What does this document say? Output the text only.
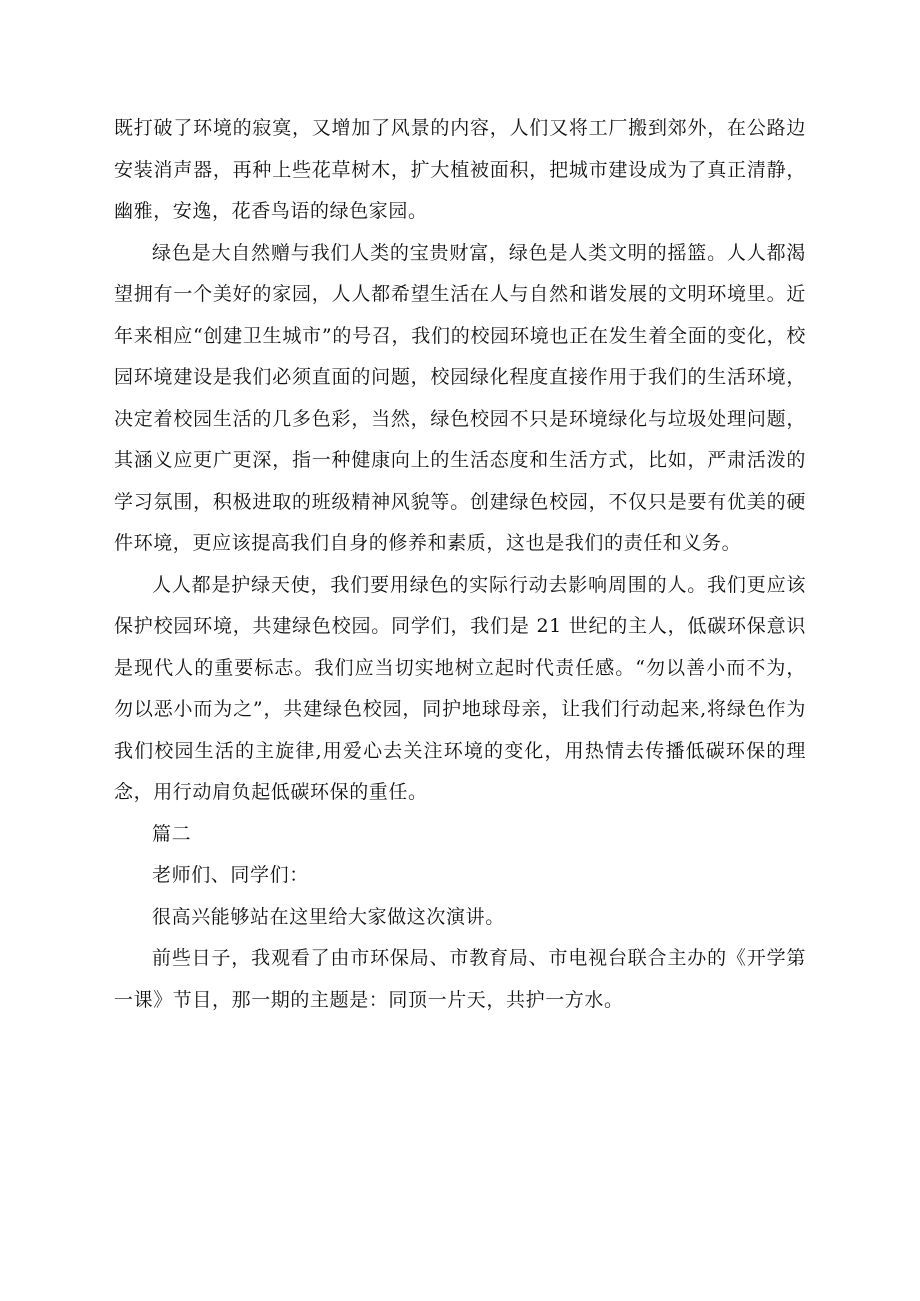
既打破了环境的寂寞，又增加了风景的内容，人们又将工厂搬到郊外，在公路边安装消声器，再种上些花草树木，扩大植被面积，把城市建设成为了真正清静，幽雅，安逸，花香鸟语的绿色家园。

绿色是大自然赠与我们人类的宝贵财富，绿色是人类文明的摇篮。人人都渴望拥有一个美好的家园，人人都希望生活在人与自然和谐发展的文明环境里。近年来相应“创建卫生城市”的号召，我们的校园环境也正在发生着全面的变化，校园环境建设是我们必须直面的问题，校园绿化程度直接作用于我们的生活环境，决定着校园生活的几多色彩，当然，绿色校园不只是环境绿化与垃圾处理问题，其涵义应更广更深，指一种健康向上的生活态度和生活方式，比如，严肃活泼的学习氛围，积极进取的班级精神风貌等。创建绿色校园，不仅只是要有优美的硬件环境，更应该提高我们自身的修养和素质，这也是我们的责任和义务。

人人都是护绿天使，我们要用绿色的实际行动去影响周围的人。我们更应该保护校园环境，共建绿色校园。同学们，我们是 21 世纪的主人，低碳环保意识是现代人的重要标志。我们应当切实地树立起时代责任感。“勿以善小而不为，勿以恶小而为之”，共建绿色校园，同护地球母亲，让我们行动起来,将绿色作为我们校园生活的主旋律,用爱心去关注环境的变化，用热情去传播低碳环保的理念，用行动肩负起低碳环保的重任。

篇二

老师们、同学们：

很高兴能够站在这里给大家做这次演讲。

前些日子，我观看了由市环保局、市教育局、市电视台联合主办的《开学第一课》节目，那一期的主题是：同顶一片天，共护一方水。
